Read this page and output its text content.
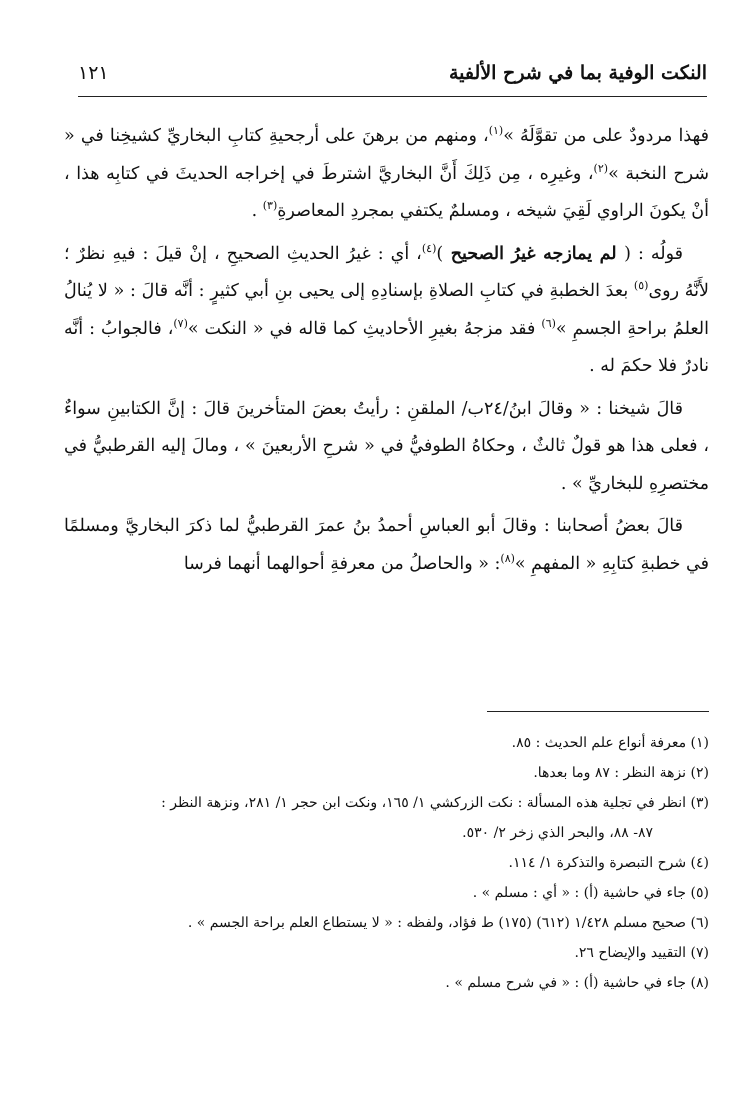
النكت الوفية بما في شرح الألفية
١٢١

فهذا مردودٌ على من تقوَّلَهُ »$^{(١)}$، ومنهم من برهنَ على أرجحيةِ كتابِ البخاريِّ كشيخِنا في « شرح النخبة »$^{(٢)}$، وغيرِه ، مِن ذَلِكَ أَنَّ البخاريَّ اشترطَ في إخراجه الحديثَ في كتابِه هذا ، أنْ يكونَ الراوي لَقِيَ شيخه ، ومسلمٌ يكتفي بمجردِ المعاصرةِ$^{(٣)}$ .

قولُه : ( لم يمازجه غيرُ الصحيح )$^{(٤)}$، أي : غيرُ الحديثِ الصحيحِ ، إنْ قيلَ : فيهِ نظرٌ ؛ لأَنَّهُ روى$^{(٥)}$ بعدَ الخطبةِ في كتابِ الصلاةِ بإسنادِهِ إلى يحيى بنِ أبي كثيرٍ : أنَّه قالَ : « لا يُنالُ العلمُ براحةِ الجسمِ »$^{(٦)}$ فقد مزجهُ بغيرِ الأحاديثِ كما قاله في « النكت »$^{(٧)}$، فالجوابُ : أنَّه نادرٌ فلا حكمَ له .

قالَ شيخنا : « وقالَ ابنُ/٢٤ب/ الملقنِ : رأيتُ بعضَ المتأخرينَ قالَ : إنَّ الكتابينِ سواءٌ ، فعلى هذا هو قولٌ ثالثٌ ، وحكاهُ الطوفيُّ في « شرحِ الأربعينَ » ، ومالَ إليه القرطبيُّ في مختصرِهِ للبخاريِّ » .

قالَ بعضُ أصحابنا : وقالَ أبو العباسِ أحمدُ بنُ عمرَ القرطبيُّ لما ذكرَ البخاريَّ ومسلمًا في خطبةِ كتابِهِ « المفهمِ »$^{(٨)}$: « والحاصلُ من معرفةِ أحوالهما أنهما فرسا

(١) معرفة أنواع علم الحديث : ٨٥.

(٢) نزهة النظر : ٨٧ وما بعدها.

(٣) انظر في تجلية هذه المسألة : نكت الزركشي ١/ ١٦٥، ونكت ابن حجر ١/ ٢٨١، ونزهة النظر :
٨٧- ٨٨، والبحر الذي زخر ٢/ ٥٣٠.

(٤) شرح التبصرة والتذكرة ١/ ١١٤.

(٥) جاء في حاشية (أ) : « أي : مسلم » .

(٦) صحيح مسلم ١/٤٢٨ (٦١٢) (١٧٥) ط فؤاد، ولفظه : « لا يستطاع العلم براحة الجسم » .

(٧) التقييد والإيضاح ٢٦.

(٨) جاء في حاشية (أ) : « في شرح مسلم » .
